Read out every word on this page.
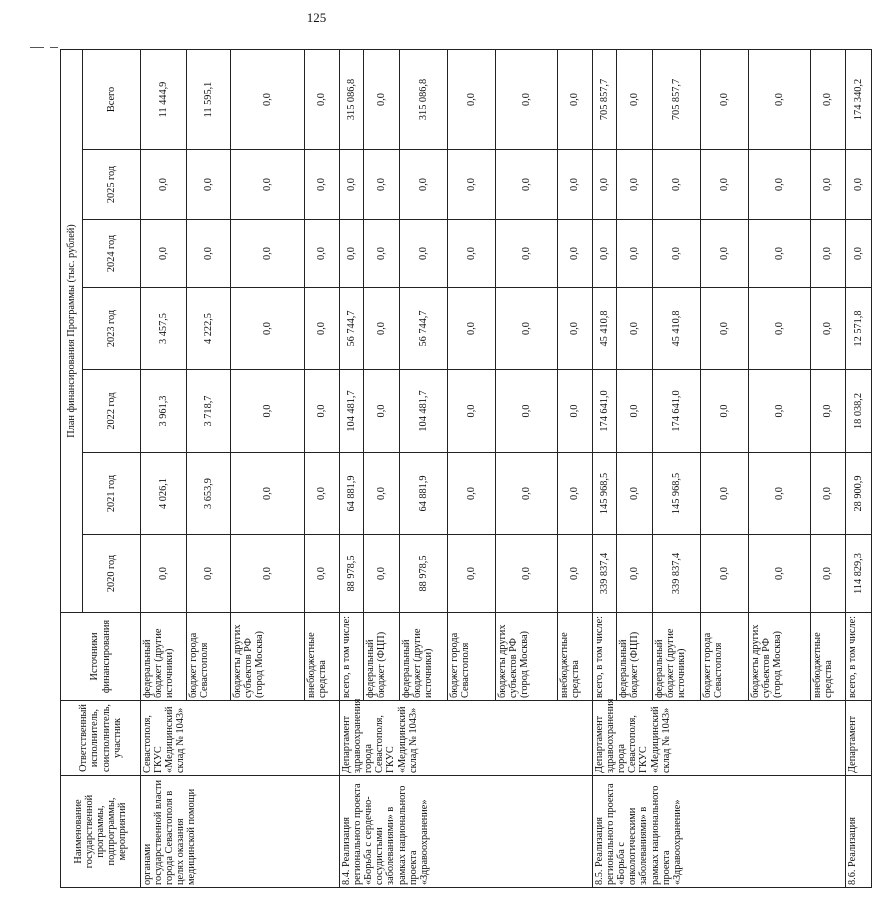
125
Наименование государственной программы, подпрограммы, мероприятий	Ответственный исполнитель, соисполнитель, участник	Источники финансирования	План финансирования Программы (тыс. рублей)						
			2020 год	2021 год	2022 год	2023 год	2024 год	2025 год	Всего
органами государственной власти города Севастополя в целях оказания медицинской помощи	Севастополя, ГКУС «Медицинский склад № 1043»	федеральный бюджет (другие источники)	0,0	4 026,1	3 961,3	3 457,5	0,0	0,0	11 444,9
		бюджет города Севастополя	0,0	3 653,9	3 718,7	4 222,5	0,0	0,0	11 595,1
		бюджеты других субъектов РФ (город Москва)	0,0	0,0	0,0	0,0	0,0	0,0	0,0
		внебюджетные средства	0,0	0,0	0,0	0,0	0,0	0,0	0,0
8.4. Реализация регионального проекта «Борьба с сердечно-сосудистыми заболеваниями» в рамках национального проекта «Здравоохранение»	Департамент здравоохранения города Севастополя, ГКУС «Медицинский склад № 1043»	всего, в том числе:	88 978,5	64 881,9	104 481,7	56 744,7	0,0	0,0	315 086,8
		федеральный бюджет (ФЦП)	0,0	0,0	0,0	0,0	0,0	0,0	0,0
		федеральный бюджет (другие источники)	88 978,5	64 881,9	104 481,7	56 744,7	0,0	0,0	315 086,8
		бюджет города Севастополя	0,0	0,0	0,0	0,0	0,0	0,0	0,0
		бюджеты других субъектов РФ (город Москва)	0,0	0,0	0,0	0,0	0,0	0,0	0,0
		внебюджетные средства	0,0	0,0	0,0	0,0	0,0	0,0	0,0
8.5. Реализация регионального проекта «Борьба с онкологическими заболеваниями» в рамках национального проекта «Здравоохранение»	Департамент здравоохранения города Севастополя, ГКУС «Медицинский склад № 1043»	всего, в том числе:	339 837,4	145 968,5	174 641,0	45 410,8	0,0	0,0	705 857,7
		федеральный бюджет (ФЦП)	0,0	0,0	0,0	0,0	0,0	0,0	0,0
		федеральный бюджет (другие источники)	339 837,4	145 968,5	174 641,0	45 410,8	0,0	0,0	705 857,7
		бюджет города Севастополя	0,0	0,0	0,0	0,0	0,0	0,0	0,0
		бюджеты других субъектов РФ (город Москва)	0,0	0,0	0,0	0,0	0,0	0,0	0,0
		внебюджетные средства	0,0	0,0	0,0	0,0	0,0	0,0	0,0
8.6. Реализация	Департамент	всего, в том числе:	114 829,3	28 900,9	18 038,2	12 571,8	0,0	0,0	174 340,2
